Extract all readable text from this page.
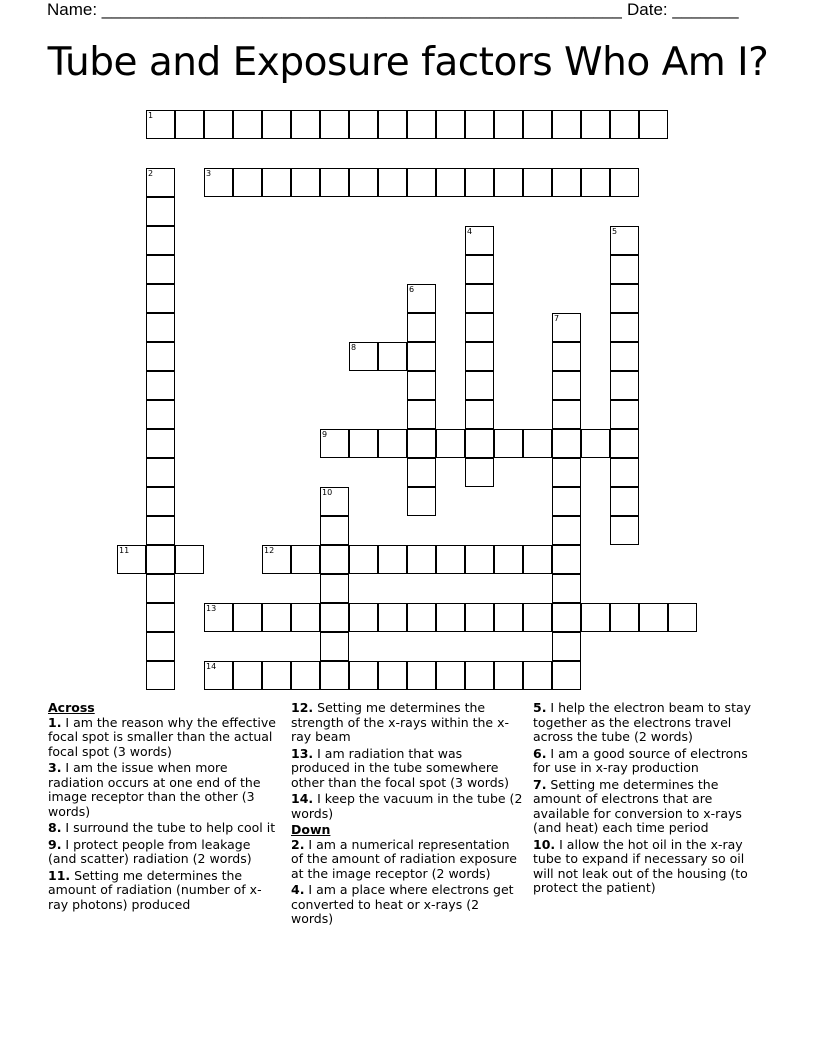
Name: _______________________________________________________ Date: _______
Tube and Exposure factors Who Am I?
1
3
8
9
11	12
13
14
2
4	5
6
7
10
Across
1. I am the reason why the effective focal spot is smaller than the actual focal spot (3 words)
3. I am the issue when more radiation occurs at one end of the image receptor than the other (3 words)
8. I surround the tube to help cool it
9. I protect people from leakage (and scatter) radiation (2 words)
11. Setting me determines the amount of radiation (number of x-ray photons) produced
12. Setting me determines the strength of the x-rays within the x-ray beam
13. I am radiation that was produced in the tube somewhere other than the focal spot (3 words)
14. I keep the vacuum in the tube (2 words)
Down
2. I am a numerical representation of the amount of radiation exposure at the image receptor (2 words)
4. I am a place where electrons get converted to heat or x-rays (2 words)
5. I help the electron beam to stay together as the electrons travel across the tube (2 words)
6. I am a good source of electrons for use in x-ray production
7. Setting me determines the amount of electrons that are available for conversion to x-rays (and heat) each time period
10. I allow the hot oil in the x-ray tube to expand if necessary so oil will not leak out of the housing (to protect the patient)
